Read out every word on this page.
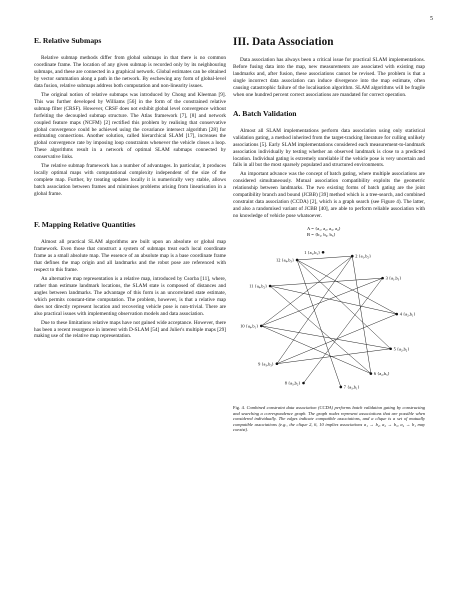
5
E. Relative Submaps

Relative submap methods differ from global submaps in that there is no common coordinate frame. The location of any given submap is recorded only by its neighbouring submaps, and these are connected in a graphical network. Global estimates can be obtained by vector summation along a path in the network. By eschewing any form of global-level data fusion, relative submaps address both computation and non-linearity issues.

The original notion of relative submaps was introduced by Chong and Kleeman [9]. This was further developed by Williams [56] in the form of the constrained relative submap filter (CRSF). However, CRSF does not exhibit global level convergence without forfeiting the decoupled submap structure. The Atlas framework [7], [8] and network coupled feature maps (NCFM) [2] rectified this problem by realising that conservative global convergence could be achieved using the covariance intersect algorithm [28] for estimating connections. Another solution, called hierarchical SLAM [17], increases the global convergence rate by imposing loop constraints whenever the vehicle closes a loop. These algorithms result in a network of optimal SLAM submaps connected by conservative links.

The relative submap framework has a number of advantages. In particular, it produces locally optimal maps with computational complexity independent of the size of the complete map. Further, by treating updates locally it is numerically very stable, allows batch association between frames and minimises problems arising from linearisation in a global frame.

F. Mapping Relative Quantities

Almost all practical SLAM algorithms are built upon an absolute or global map framework. Even those that construct a system of submaps treat each local coordinate frame as a small absolute map. The essence of an absolute map is a base coordinate frame that defines the map origin and all landmarks and the robot pose are referenced with respect to this frame.

An alternative map representation is a relative map, introduced by Csorba [11], where, rather than estimate landmark locations, the SLAM state is composed of distances and angles between landmarks. The advantage of this form is an uncorrelated state estimate, which permits constant-time computation. The problem, however, is that a relative map does not directly represent location and recovering vehicle pose is non-trivial. There are also practical issues with implementing observation models and data association.

Due to these limitations relative maps have not gained wide acceptance. However, there has been a recent resurgence in interest with D-SLAM [54] and Julier's multiple maps [29] making use of the relative map representation.

III. Data Association

Data association has always been a critical issue for practical SLAM implementations. Before fusing data into the map, new measurements are associated with existing map landmarks and, after fusion, these associations cannot be revised. The problem is that a single incorrect data association can induce divergence into the map estimate, often causing catastrophic failure of the localisation algorithm. SLAM algorithms will be fragile when one hundred percent correct associations are mandated for correct operation.

A. Batch Validation

Almost all SLAM implementations perform data association using only statistical validation gating, a method inherited from the target-tracking literature for culling unlikely associations [5]. Early SLAM implementations considered each measurement-to-landmark association individually by testing whether an observed landmark is close to a predicted location. Individual gating is extremely unreliable if the vehicle pose is very uncertain and fails in all but the most sparsely populated and structured environments.

An important advance was the concept of batch gating, where multiple associations are considered simultaneously. Mutual association compatibility exploits the geometric relationship between landmarks. The two existing forms of batch gating are the joint compatibility branch and bound (JCBB) [39] method which is a tree-search, and combined constraint data association (CCDA) [2], which is a graph search (see Figure 4). The latter, and also a randomised variant of JCBB [40], are able to perform reliable association with no knowledge of vehicle pose whatsoever.

A = {a₁, a₂, a₃, a₄}
B = {b₁, b₂, b₃}
1 {a₁,b₁}
2 {a₁,b₂}
3 {a₁,b₃}
4 {a₂,b₁}
5 {a₂,b₂}
6 {a₂,b₃}
7 {a₃,b₁}
8 {a₃,b₂}
9 {a₃,b₃}
10 {a₄,b₁}
11 {a₄,b₂}
12 {a₄,b₃}
Fig. 4. Combined constraint data association (CCDA) performs batch validation gating by constructing and searching a correspondence graph. The graph nodes represent associations that are possible when considered individually. The edges indicate compatible associations, and a clique is a set of mutually compatible associations (e.g., the clique 2, 6, 10 implies associations a₁ → b₂, a₂ → b₃, a₄ → b₁ may coexist).
